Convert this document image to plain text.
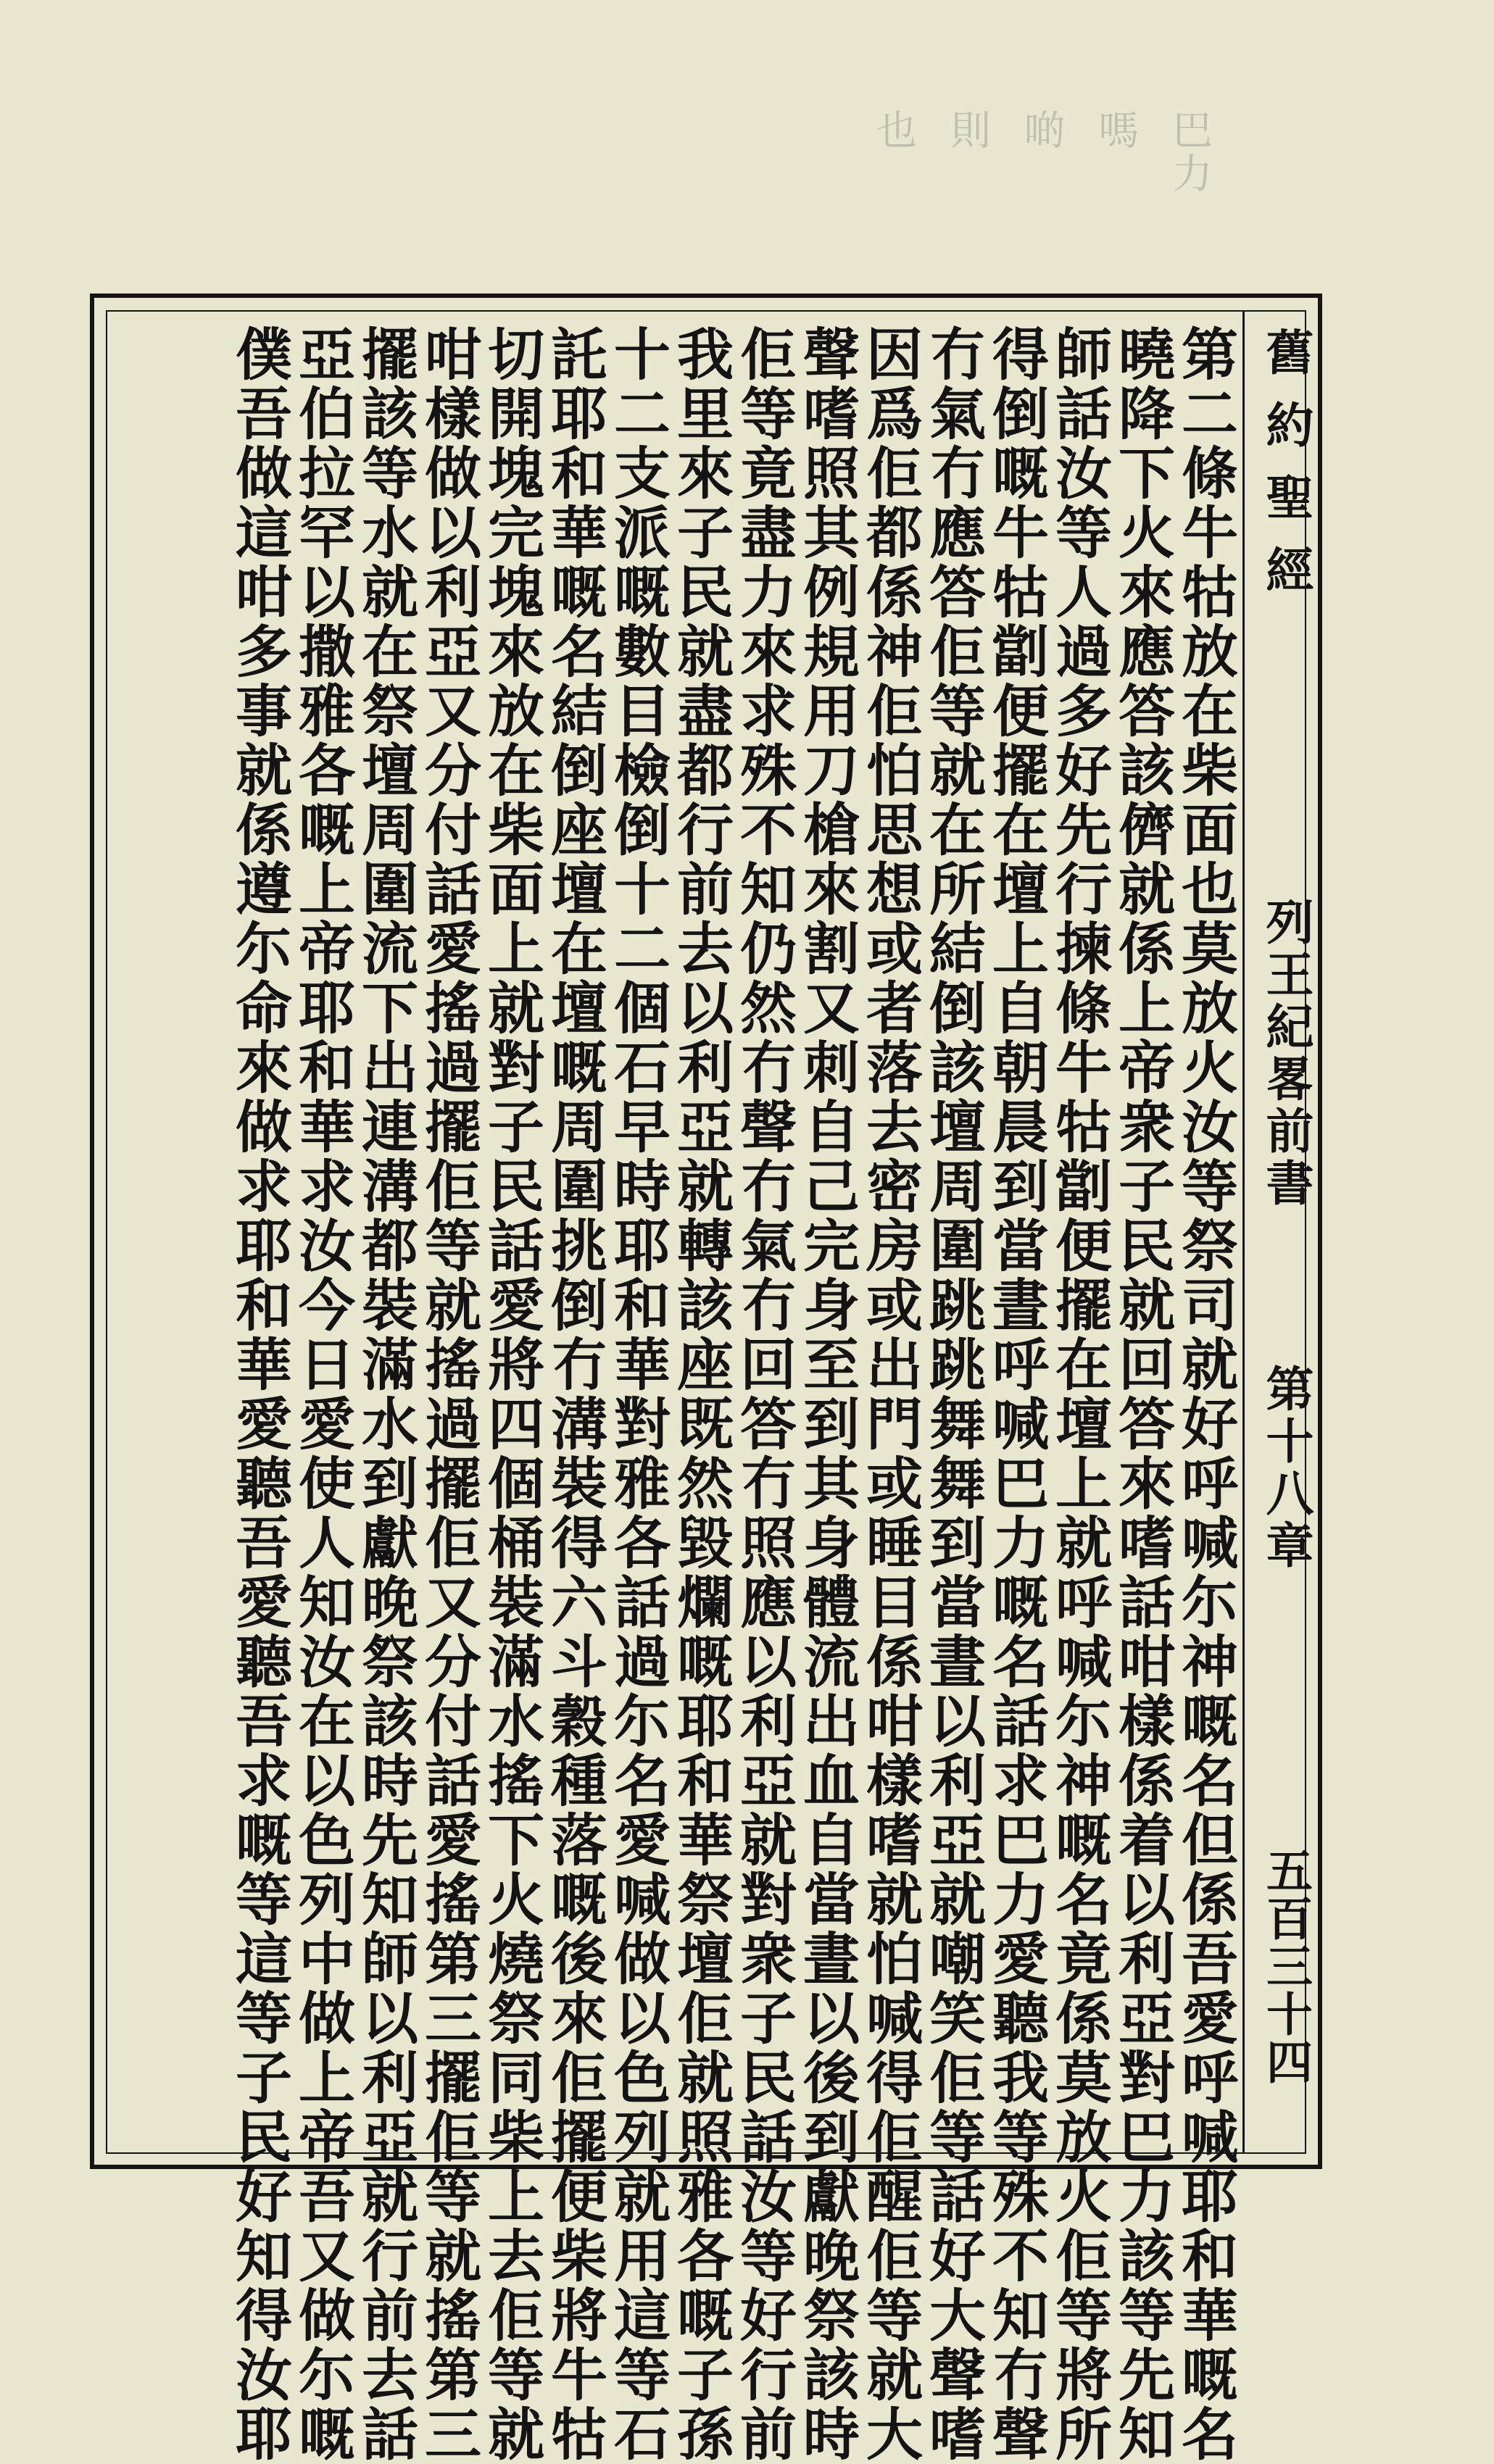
巴力
嗎
啲
則
也
舊約聖經
列王紀畧前書
第十八章
五百三十四
第二條牛牯放在柴面也莫放火汝等祭司就好呼喊尓神嘅名但係吾愛呼喊耶和華嘅名
曉降下火來應答該儕就係上帝衆子民就回答來嗜話咁樣係着以利亞對巴力該等先知
師話汝等人過多好先行揀條牛牯劏便擺在壇上就呼喊尓神嘅名竟係莫放火佢等將所
得倒嘅牛牯劏便擺在壇上自朝晨到當晝呼喊巴力嘅名話求巴力愛聽我等殊不知冇聲
冇氣冇應答佢等就在所結倒該壇周圍跳跳舞舞到當晝以利亞就嘲笑佢等話好大聲嗜
因爲佢都係神佢怕思想或者落去密房或出門或睡目係咁樣嗜就怕喊得佢醒佢等就大
聲嗜照其例規用刀槍來割又刺自己完身至到其身體流出血自當晝以後到獻晚祭該時
佢等竟盡力來求殊不知仍然冇聲冇氣冇回答冇照應以利亞就對衆子民話汝等好行前
我里來子民就盡都行前去以利亞就轉該座既然毀爛嘅耶和華祭壇佢就照雅各嘅子孫
十二支派嘅數目檢倒十二個石早時耶和華對雅各話過尓名愛喊做以色列就用這等石
託耶和華嘅名結倒座壇在壇嘅周圍挑倒冇溝裝得六斗穀種落嘅後來佢擺便柴將牛牯
切開塊完塊來放在柴面上就對子民話愛將四個桶裝滿水搖下火燒祭同柴上去佢等就
咁樣做以利亞又分付話愛搖過擺佢等就搖過擺佢又分付話愛搖第三擺佢等就搖第三
擺該等水就在祭壇周圍流下出連溝都裝滿水到獻晚祭該時先知師以利亞就行前去話
亞伯拉罕以撒雅各嘅上帝耶和華求汝今日愛使人知汝在以色列中做上帝吾又做尓嘅
僕吾做這咁多事就係遵尓命來做求耶和華愛聽吾愛聽吾求嘅等這等子民好知得汝耶
